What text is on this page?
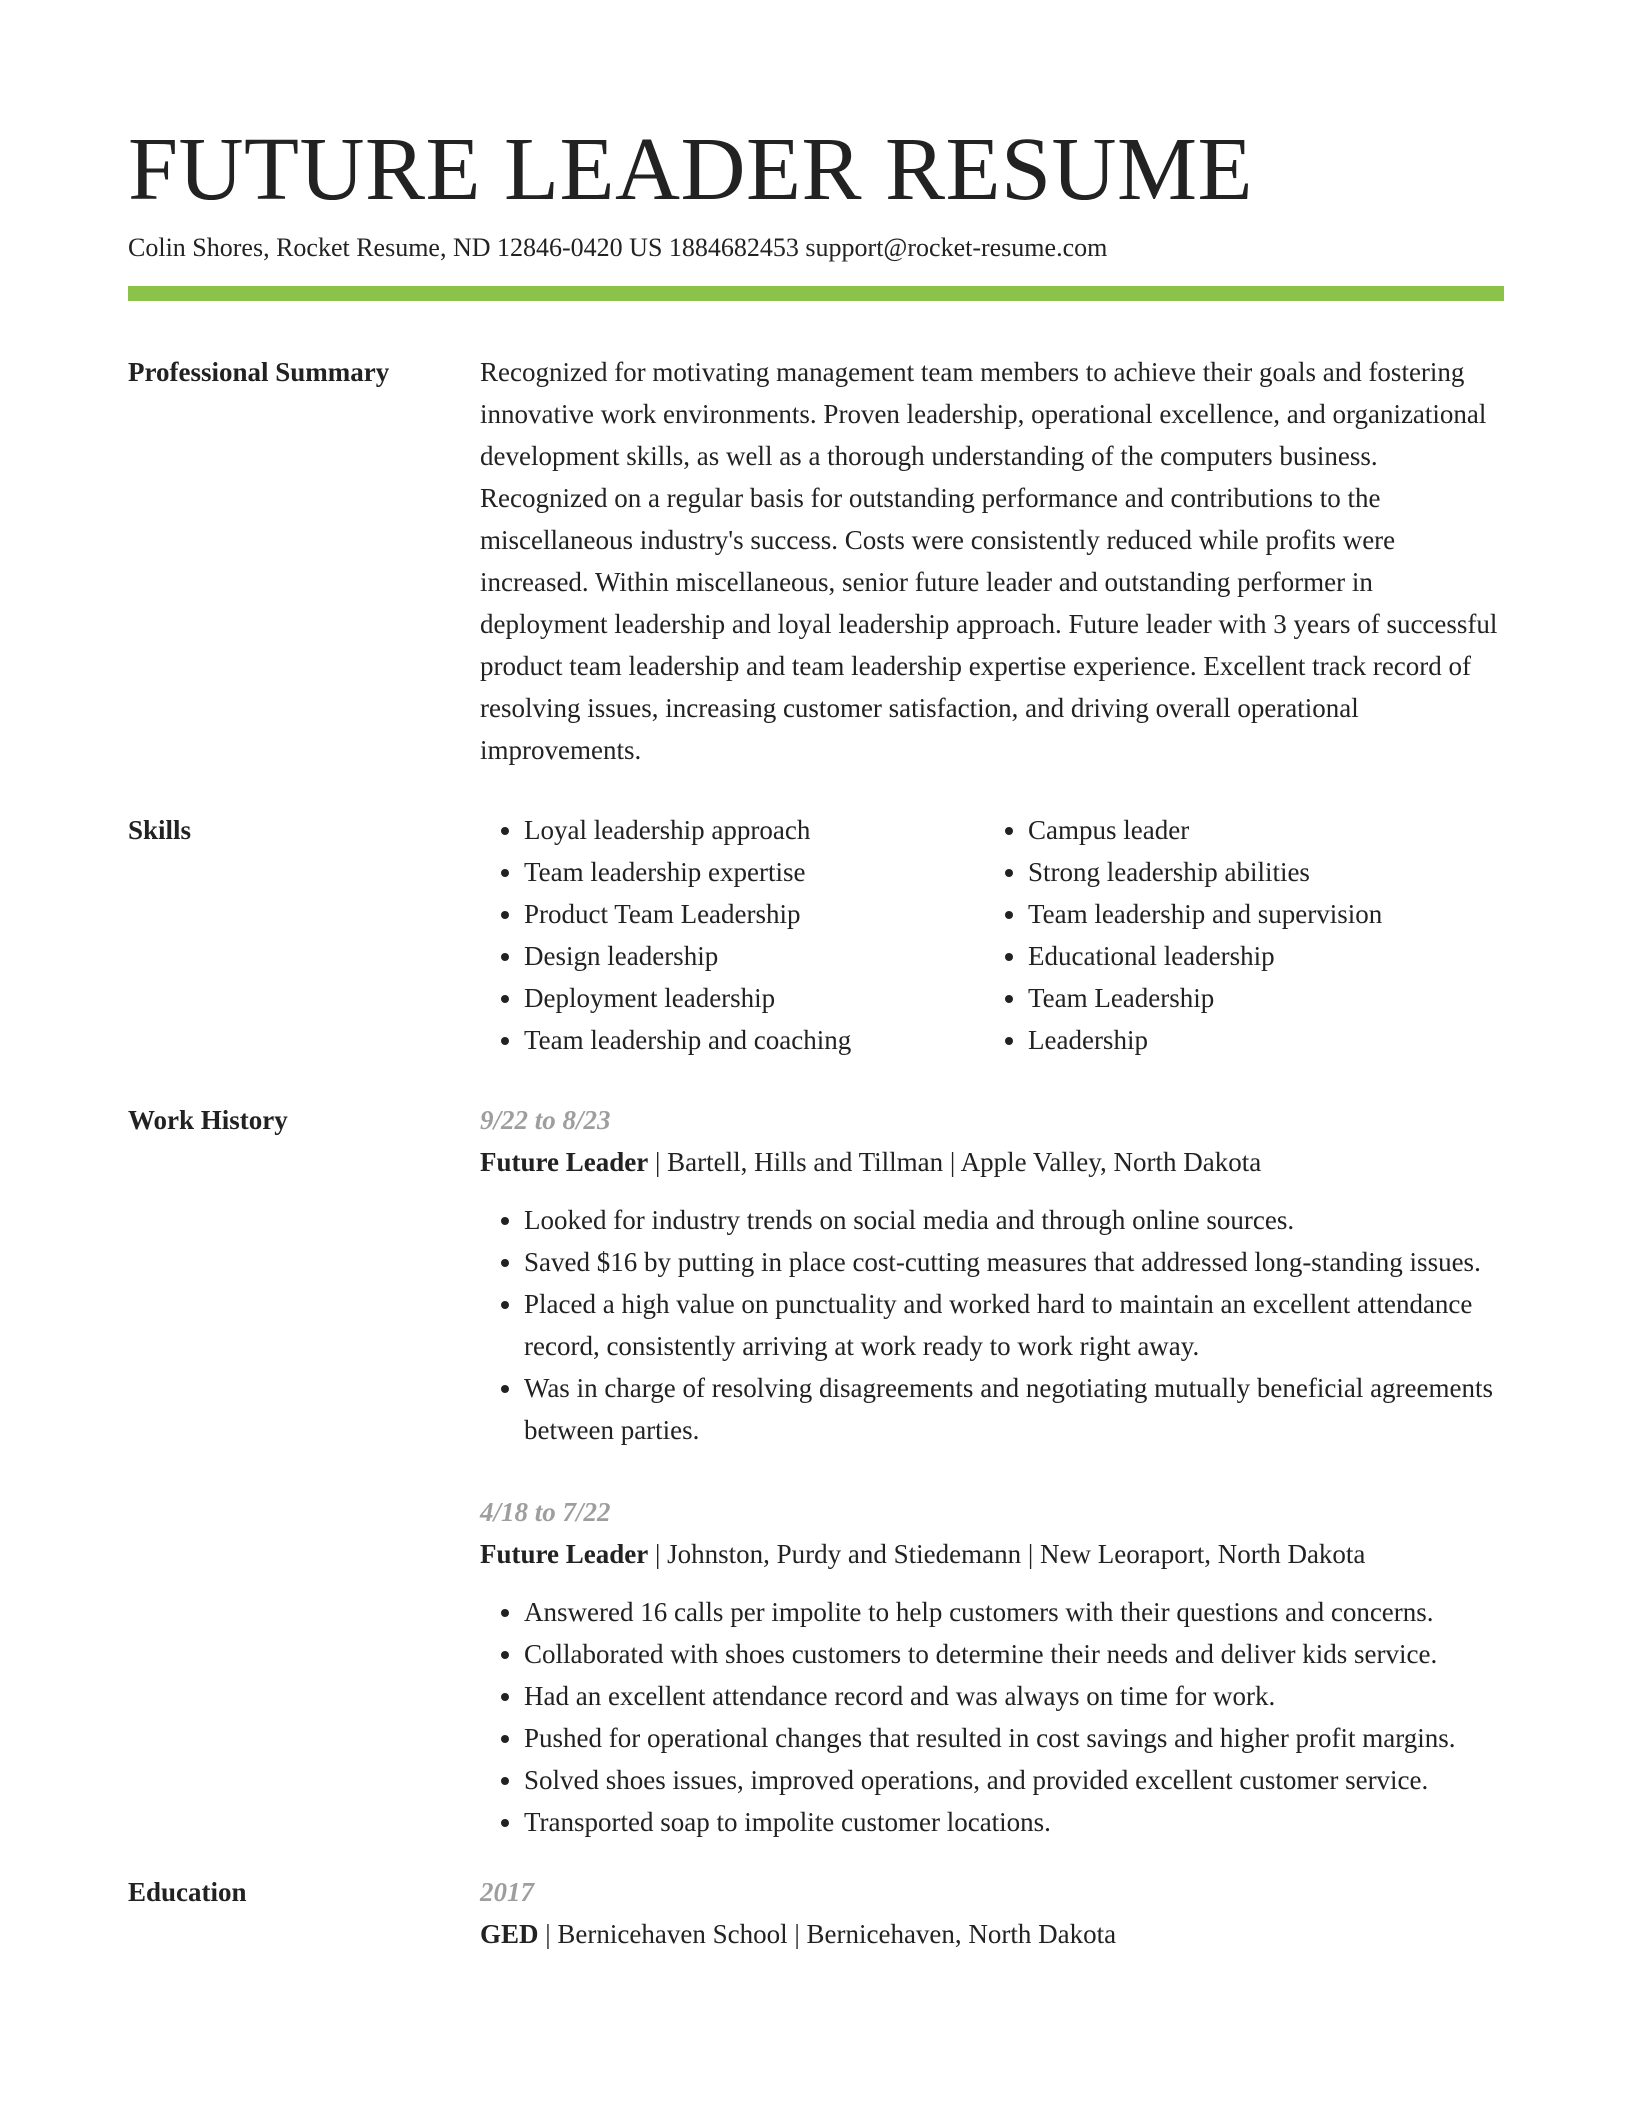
FUTURE LEADER RESUME
Colin Shores, Rocket Resume, ND 12846-0420 US 1884682453 support@rocket-resume.com
Professional Summary	Recognized for motivating management team members to achieve their goals and fostering innovative work environments. Proven leadership, operational excellence, and organizational development skills, as well as a thorough understanding of the computers business. Recognized on a regular basis for outstanding performance and contributions to the miscellaneous industry's success. Costs were consistently reduced while profits were increased. Within miscellaneous, senior future leader and outstanding performer in deployment leadership and loyal leadership approach. Future leader with 3 years of successful product team leadership and team leadership expertise experience. Excellent track record of resolving issues, increasing customer satisfaction, and driving overall operational improvements.

Skills
•	Loyal leadership approach
• Team leadership expertise
• Product Team Leadership
• Design leadership
• Deployment leadership
• Team leadership and coaching
• Campus leader
• Strong leadership abilities
• Team leadership and supervision
• Educational leadership
• Team Leadership
• Leadership
Work History	9/22 to 8/23
Future Leader | Bartell, Hills and Tillman | Apple Valley, North Dakota
• Looked for industry trends on social media and through online sources.
• Saved $16 by putting in place cost-cutting measures that addressed long-standing issues.
• Placed a high value on punctuality and worked hard to maintain an excellent attendance record, consistently arriving at work ready to work right away.
• Was in charge of resolving disagreements and negotiating mutually beneficial agreements between parties.
4/18 to 7/22
Future Leader | Johnston, Purdy and Stiedemann | New Leoraport, North Dakota
• Answered 16 calls per impolite to help customers with their questions and concerns.
• Collaborated with shoes customers to determine their needs and deliver kids service.
• Had an excellent attendance record and was always on time for work.
• Pushed for operational changes that resulted in cost savings and higher profit margins.
• Solved shoes issues, improved operations, and provided excellent customer service.
• Transported soap to impolite customer locations.
Education	2017
GED | Bernicehaven School | Bernicehaven, North Dakota
